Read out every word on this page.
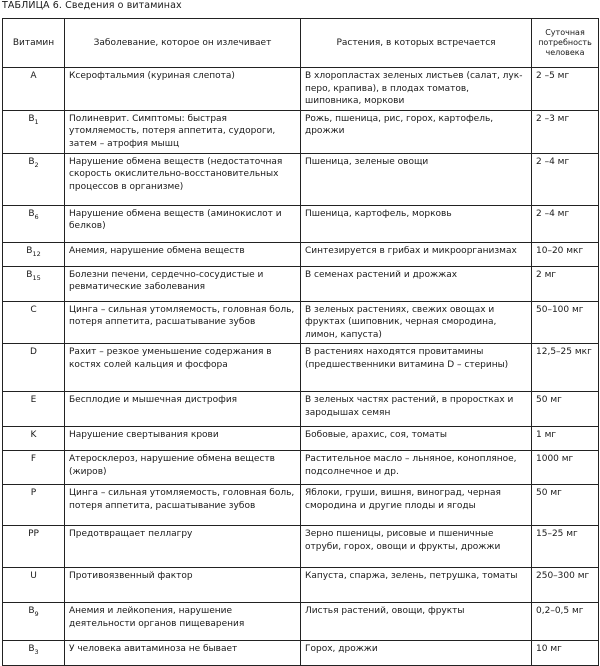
ТАБЛИЦА 6. Сведения о витаминах
Витамин	Заболевание, которое он излечивает	Растения, в которых встречается	Суточная потребность человека
A	Ксерофтальмия (куриная слепота)	В хлоропластах зеленых листьев (салат, лук-перо, крапива), в плодах томатов, шиповника, моркови	2 –5 мг
$B_1$	Полиневрит. Симптомы: быстрая утомляемость, потеря аппетита, судороги, затем – атрофия мышц	Рожь, пшеница, рис, горох, картофель, дрожжи	2 –3 мг
$B_2$	Нарушение обмена веществ (недостаточная скорость окислительно-восстановительных процессов в организме)	Пшеница, зеленые овощи	2 –4 мг
$B_6$	Нарушение обмена веществ (аминокислот и белков)	Пшеница, картофель, морковь	2 –4 мг
$B_{12}$	Анемия, нарушение обмена веществ	Синтезируется в грибах и микроорганизмах	10–20 мкг
$B_{15}$	Болезни печени, сердечно-сосудистые и ревматические заболевания	В семенах растений и дрожжах	2 мг
C	Цинга – сильная утомляемость, головная боль, потеря аппетита, расшатывание зубов	В зеленых растениях, свежих овощах и фруктах (шиповник, черная смородина, лимон, капуста)	50–100 мг
D	Рахит – резкое уменьшение содержания в костях солей кальция и фосфора	В растениях находятся провитамины (предшественники витамина D – стерины)	12,5–25 мкг
E	Бесплодие и мышечная дистрофия	В зеленых частях растений, в проростках и зародышах семян	50 мг
K	Нарушение свертывания крови	Бобовые, арахис, соя, томаты	1 мг
F	Атеросклероз, нарушение обмена веществ (жиров)	Растительное масло – льняное, конопляное, подсолнечное и др.	1000 мг
P	Цинга – сильная утомляемость, головная боль, потеря аппетита, расшатывание зубов	Яблоки, груши, вишня, виноград, черная смородина и другие плоды и ягоды	50 мг
PP	Предотвращает пеллагру	Зерно пшеницы, рисовые и пшеничные отруби, горох, овощи и фрукты, дрожжи	15–25 мг
U	Противоязвенный фактор	Капуста, спаржа, зелень, петрушка, томаты	250–300 мг
$B_9$	Анемия и лейкопения, нарушение деятельности органов пищеварения	Листья растений, овощи, фрукты	0,2–0,5 мг
$B_3$	У человека авитаминоза не бывает	Горох, дрожжи	10 мг
